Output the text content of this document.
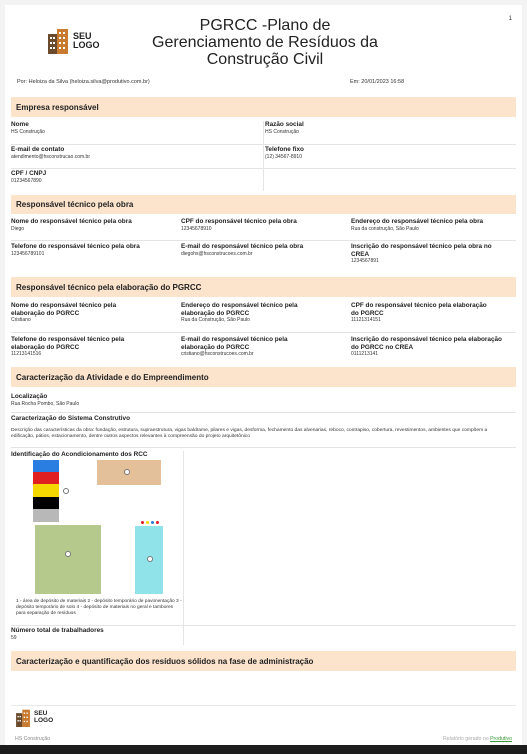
SEU
LOGO
PGRCC -Plano de
Gerenciamento de Resíduos da
Construção Civil
1
Por: Heloiza da Silva (heloiza.silva@produtivo.com.br)	Em: 20/01/2023 16:58
Empresa responsável
Nome
HS Construção
Razão social
HS Construção
E-mail de contato
atendimento@hsconstrucao.com.br
Telefone fixo
(12) 34567-8910
CPF / CNPJ
01234567890
Responsável técnico pela obra
Nome do responsável técnico pela obra
Diego
CPF do responsável técnico pela obra
12345678910
Endereço do responsável técnico pela obra
Rua da construção, São Paulo
Telefone do responsável técnico pela obra
123456789101
E-mail do responsável técnico pela obra
diegohs@hsconstrucoes.com.br
Inscrição do responsável técnico pela obra no
CREA
1234567891
Responsável técnico pela elaboração do PGRCC
Nome do responsável técnico pela
elaboração do PGRCC
Cristiano
Endereço do responsável técnico pela
elaboração do PGRCC
Rua da Construção, São Paulo
CPF do responsável técnico pela elaboração
do PGRCC
11121314151
Telefone do responsável técnico pela
elaboração do PGRCC
11213141516
E-mail do responsável técnico pela
elaboração do PGRCC
cristiano@hsconstrucoes.com.br
Inscrição do responsável técnico pela elaboração
do PGRCC no CREA
0111213141
Caracterização da Atividade e do Empreendimento
Localização
Rua Rocha Pombo, São Paulo
Caracterização do Sistema Construtivo
Descrição das características da obra: fundação, estrutura, supraestrutura, vigas baldrame, pilares e vigas, desforma, fechamento das alvenarias, reboco, contrapiso, cobertura, revestimentos, ambientes que compõem a edificação, pátios, estacionamento, dentre outros aspectos relevantes à compreensão do projeto arquitetônico
Identificação do Acondicionamento dos RCC
1 - área de depósito de materiais 2 - depósito temporário de pavimentação 3 - depósito temporário de solo 4 - depósito de materiais no geral e tambores para separação de resíduos
Número total de trabalhadores
59
Caracterização e quantificação dos resíduos sólidos na fase de administração
SEU
LOGO
HS Construção	Relatório gerado no Produtivo
